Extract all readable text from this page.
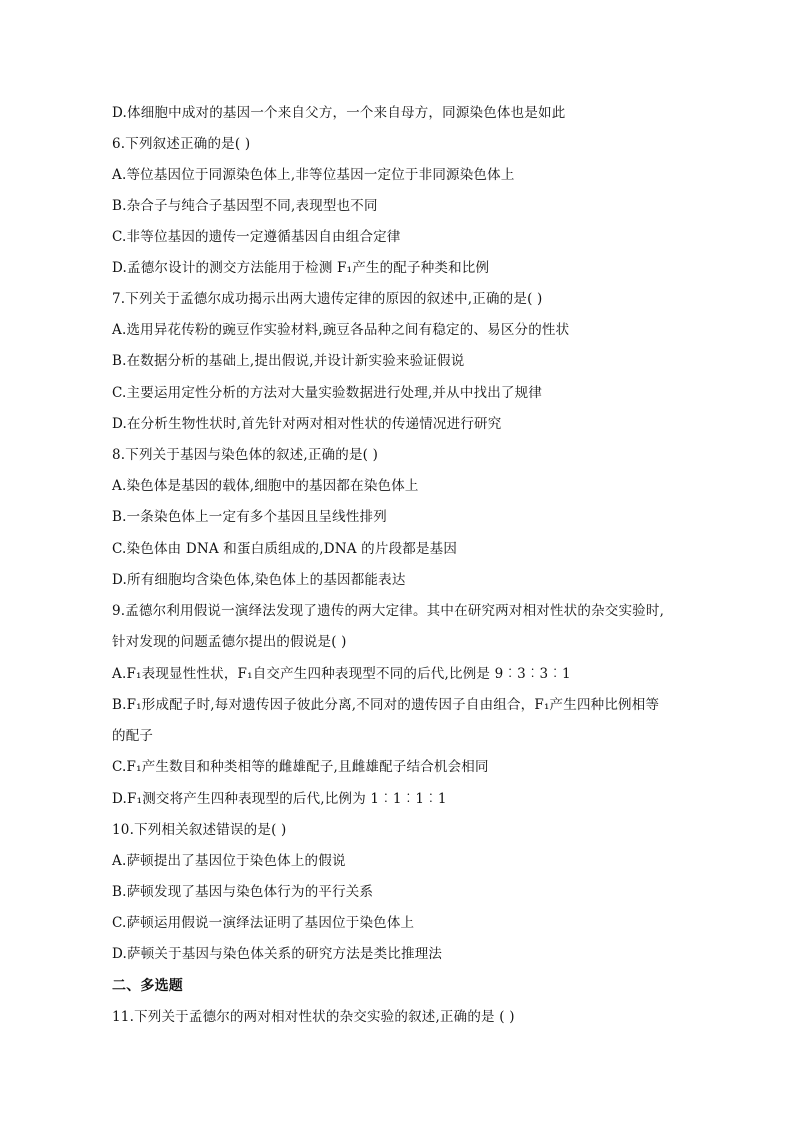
D.体细胞中成对的基因一个来自父方，一个来自母方，同源染色体也是如此
6.下列叙述正确的是( )
A.等位基因位于同源染色体上,非等位基因一定位于非同源染色体上
B.杂合子与纯合子基因型不同,表现型也不同
C.非等位基因的遗传一定遵循基因自由组合定律
D.孟德尔设计的测交方法能用于检测 F₁产生的配子种类和比例
7.下列关于孟德尔成功揭示出两大遗传定律的原因的叙述中,正确的是( )
A.选用异花传粉的豌豆作实验材料,豌豆各品种之间有稳定的、易区分的性状
B.在数据分析的基础上,提出假说,并设计新实验来验证假说
C.主要运用定性分析的方法对大量实验数据进行处理,并从中找出了规律
D.在分析生物性状时,首先针对两对相对性状的传递情况进行研究
8.下列关于基因与染色体的叙述,正确的是( )
A.染色体是基因的载体,细胞中的基因都在染色体上
B.一条染色体上一定有多个基因且呈线性排列
C.染色体由 DNA 和蛋白质组成的,DNA 的片段都是基因
D.所有细胞均含染色体,染色体上的基因都能表达
9.孟德尔利用假说一演绎法发现了遗传的两大定律。其中在研究两对相对性状的杂交实验时,
针对发现的问题孟德尔提出的假说是( )
A.F₁表现显性性状，F₁自交产生四种表现型不同的后代,比例是 9︰3︰3︰1
B.F₁形成配子时,每对遗传因子彼此分离,不同对的遗传因子自由组合，F₁产生四种比例相等
的配子
C.F₁产生数目和种类相等的雌雄配子,且雌雄配子结合机会相同
D.F₁测交将产生四种表现型的后代,比例为 1︰1︰1︰1
10.下列相关叙述错误的是( )
A.萨顿提出了基因位于染色体上的假说
B.萨顿发现了基因与染色体行为的平行关系
C.萨顿运用假说一演绎法证明了基因位于染色体上
D.萨顿关于基因与染色体关系的研究方法是类比推理法
二、多选题
11.下列关于孟德尔的两对相对性状的杂交实验的叙述,正确的是 ( )
